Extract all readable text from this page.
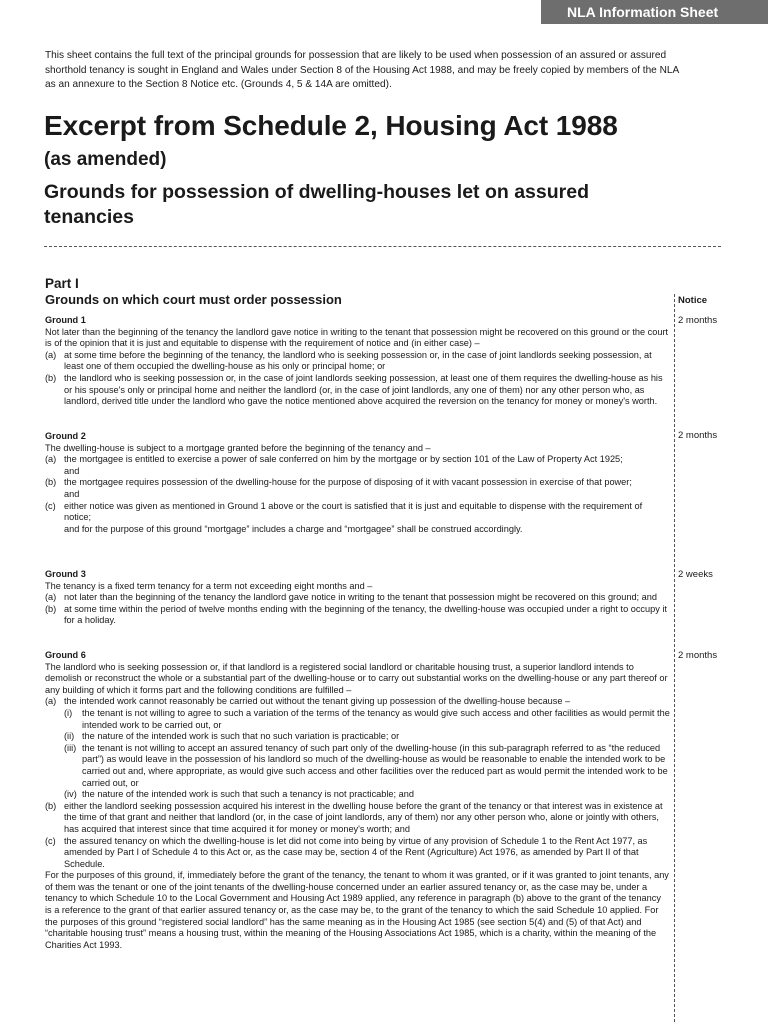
NLA Information Sheet

This sheet contains the full text of the principal grounds for possession that are likely to be used when possession of an assured or assured shorthold tenancy is sought in England and Wales under Section 8 of the Housing Act 1988, and may be freely copied by members of the NLA as an annexure to the Section 8 Notice etc. (Grounds 4, 5 & 14A are omitted).

Excerpt from Schedule 2, Housing Act 1988
(as amended)
Grounds for possession of dwelling-houses let on assured tenancies
Part I
Grounds on which court must order possession	Notice
2 months
2 months
2 weeks
2 months
Ground 1
Not later than the beginning of the tenancy the landlord gave notice in writing to the tenant that possession might be recovered on this ground or the court is of the opinion that it is just and equitable to dispense with the requirement of notice and (in either case) –
(a) at some time before the beginning of the tenancy, the landlord who is seeking possession or, in the case of joint landlords seeking possession, at least one of them occupied the dwelling-house as his only or principal home; or
(b) the landlord who is seeking possession or, in the case of joint landlords seeking possession, at least one of them requires the dwelling-house as his or his spouse's only or principal home and neither the landlord (or, in the case of joint landlords, any one of them) nor any other person who, as landlord, derived title under the landlord who gave the notice mentioned above acquired the reversion on the tenancy for money or money's worth.
Ground 2
The dwelling-house is subject to a mortgage granted before the beginning of the tenancy and –
(a) the mortgagee is entitled to exercise a power of sale conferred on him by the mortgage or by section 101 of the Law of Property Act 1925;
and
(b) the mortgagee requires possession of the dwelling-house for the purpose of disposing of it with vacant possession in exercise of that power;
and
(c) either notice was given as mentioned in Ground 1 above or the court is satisfied that it is just and equitable to dispense with the requirement of notice;
and for the purpose of this ground “mortgage” includes a charge and “mortgagee” shall be construed accordingly.
Ground 3
The tenancy is a fixed term tenancy for a term not exceeding eight months and –
(a) not later than the beginning of the tenancy the landlord gave notice in writing to the tenant that possession might be recovered on this ground; and
(b) at some time within the period of twelve months ending with the beginning of the tenancy, the dwelling-house was occupied under a right to occupy it for a holiday.
Ground 6
The landlord who is seeking possession or, if that landlord is a registered social landlord or charitable housing trust, a superior landlord intends to demolish or reconstruct the whole or a substantial part of the dwelling-house or to carry out substantial works on the dwelling-house or any part thereof or any building of which it forms part and the following conditions are fulfilled –
(a) the intended work cannot reasonably be carried out without the tenant giving up possession of the dwelling-house because –
(i)	the tenant is not willing to agree to such a variation of the terms of the tenancy as would give such access and other facilities as would permit the intended work to be carried out, or
(ii) the nature of the intended work is such that no such variation is practicable; or
(iii) the tenant is not willing to accept an assured tenancy of such part only of the dwelling-house (in this sub-paragraph referred to as “the reduced part”) as would leave in the possession of his landlord so much of the dwelling-house as would be reasonable to enable the intended work to be carried out and, where appropriate, as would give such access and other facilities over the reduced part as would permit the intended work to be carried out, or
(iv) the nature of the intended work is such that such a tenancy is not practicable; and
(b) either the landlord seeking possession acquired his interest in the dwelling house before the grant of the tenancy or that interest was in existence at the time of that grant and neither that landlord (or, in the case of joint landlords, any of them) nor any other person who, alone or jointly with others, has acquired that interest since that time acquired it for money or money's worth; and
(c) the assured tenancy on which the dwelling-house is let did not come into being by virtue of any provision of Schedule 1 to the Rent Act 1977, as amended by Part I of Schedule 4 to this Act or, as the case may be, section 4 of the Rent (Agriculture) Act 1976, as amended by Part II of that Schedule.
For the purposes of this ground, if, immediately before the grant of the tenancy, the tenant to whom it was granted, or if it was granted to joint tenants, any of them was the tenant or one of the joint tenants of the dwelling-house concerned under an earlier assured tenancy or, as the case may be, under a tenancy to which Schedule 10 to the Local Government and Housing Act 1989 applied, any reference in paragraph (b) above to the grant of the tenancy is a reference to the grant of that earlier assured tenancy or, as the case may be, to the grant of the tenancy to which the said Schedule 10 applied. For the purposes of this ground “registered social landlord” has the same meaning as in the Housing Act 1985 (see section 5(4) and (5) of that Act) and “charitable housing trust” means a housing trust, within the meaning of the Housing Associations Act 1985, which is a charity, within the meaning of the Charities Act 1993.
